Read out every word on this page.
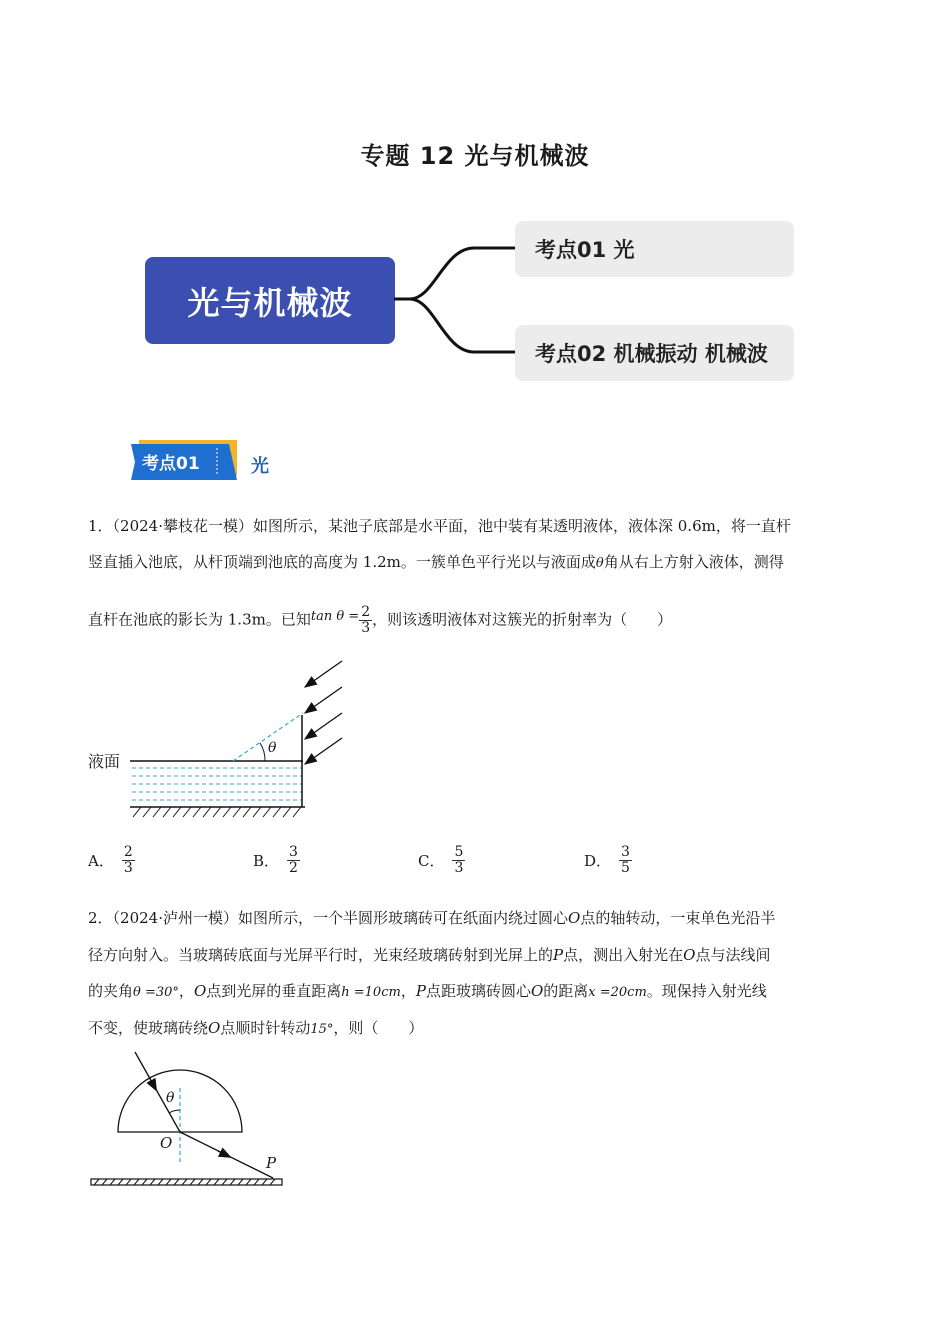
专题 12 光与机械波
光与机械波
考点01 光
考点02 机械振动 机械波
考点01	光
1．（2024·攀枝花一模）如图所示，某池子底部是水平面，池中装有某透明液体，液体深 0.6m，将一直杆
竖直插入池底，从杆顶端到池底的高度为 1.2m。一簇单色平行光以与液面成θ角从右上方射入液体，测得
直杆在池底的影长为 1.3m。已知$\tan \theta = \frac{2}{3}$ ，则该透明液体对这簇光的折射率为（　　）
液面
θ
A． $\frac{2}{3}$	B． $\frac{3}{2}$	C． $\frac{5}{3}$	D． $\frac{3}{5}$
2．（2024·泸州一模）如图所示，一个半圆形玻璃砖可在纸面内绕过圆心O点的轴转动，一束单色光沿半
径方向射入。当玻璃砖底面与光屏平行时，光束经玻璃砖射到光屏上的P点，测出入射光在O点与法线间
的夹角θ =30°，O点到光屏的垂直距离h =10cm，P点距玻璃砖圆心O的距离x =20cm。现保持入射光线
不变，使玻璃砖绕O点顺时针转动15°，则（　　）
θ
O
P
